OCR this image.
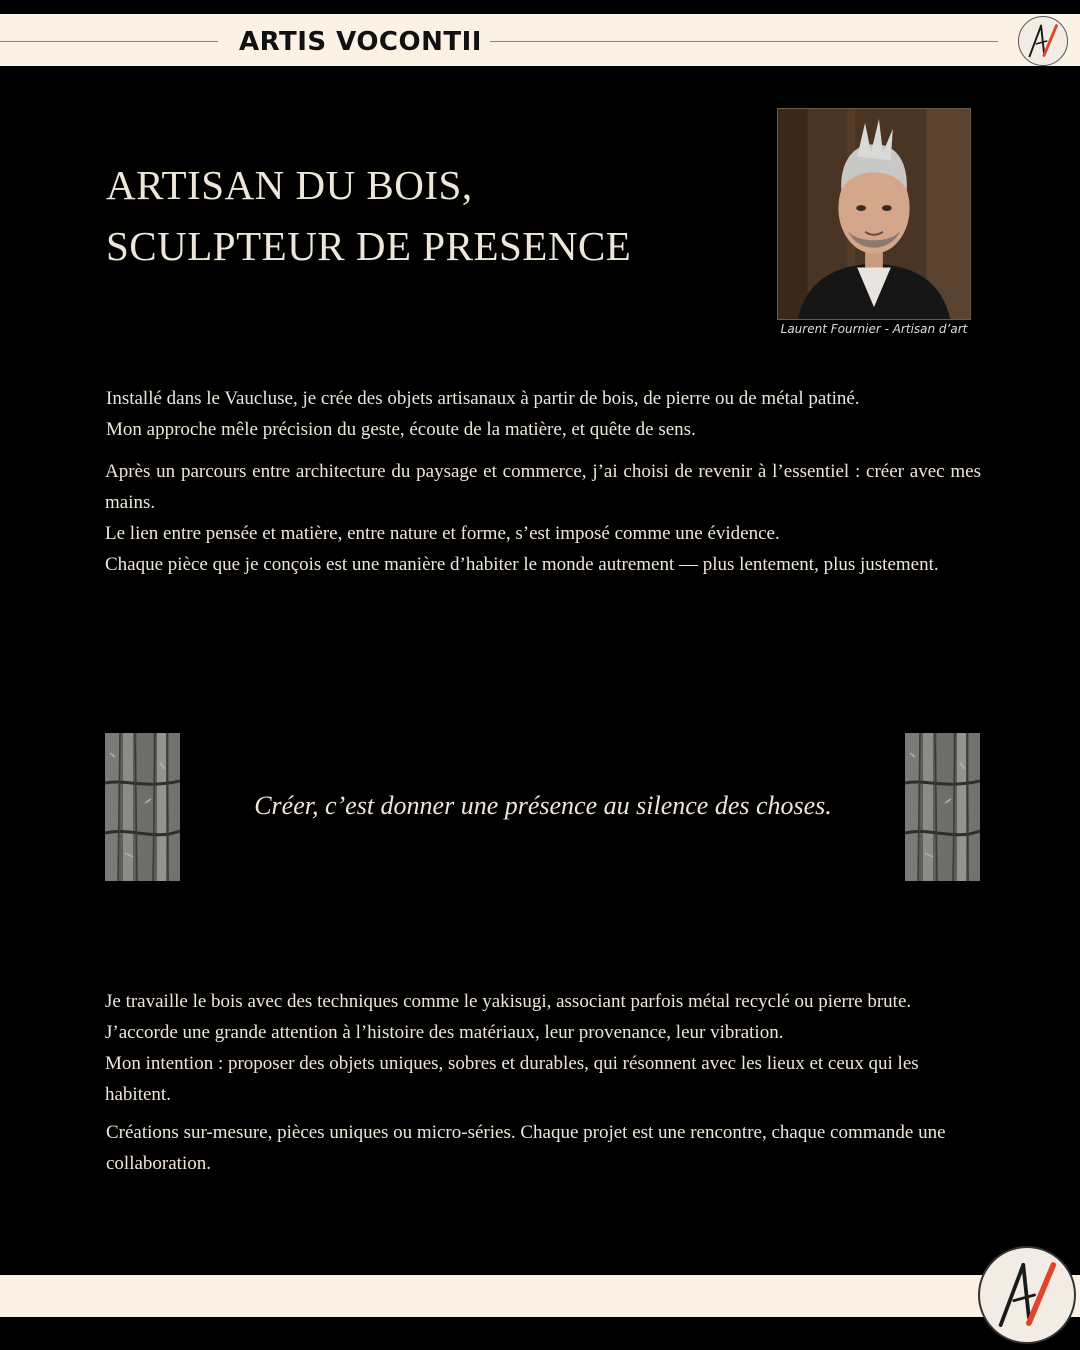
ARTIS VOCONTII
ARTISAN DU BOIS,
SCULPTEUR DE PRESENCE
Laurent Fournier - Artisan d’art

Installé dans le Vaucluse, je crée des objets artisanaux à partir de bois, de pierre ou de métal patiné.
Mon approche mêle précision du geste, écoute de la matière, et quête de sens.

Après un parcours entre architecture du paysage et commerce, j’ai choisi de revenir à l’essentiel : créer avec mes mains.
Le lien entre pensée et matière, entre nature et forme, s’est imposé comme une évidence.
Chaque pièce que je conçois est une manière d’habiter le monde autrement — plus lentement, plus justement.

Créer, c’est donner une présence au silence des choses.

Je travaille le bois avec des techniques comme le yakisugi, associant parfois métal recyclé ou pierre brute.
J’accorde une grande attention à l’histoire des matériaux, leur provenance, leur vibration.
Mon intention : proposer des objets uniques, sobres et durables, qui résonnent avec les lieux et ceux qui les habitent.

Créations sur-mesure, pièces uniques ou micro-séries. Chaque projet est une rencontre, chaque commande une collaboration.
